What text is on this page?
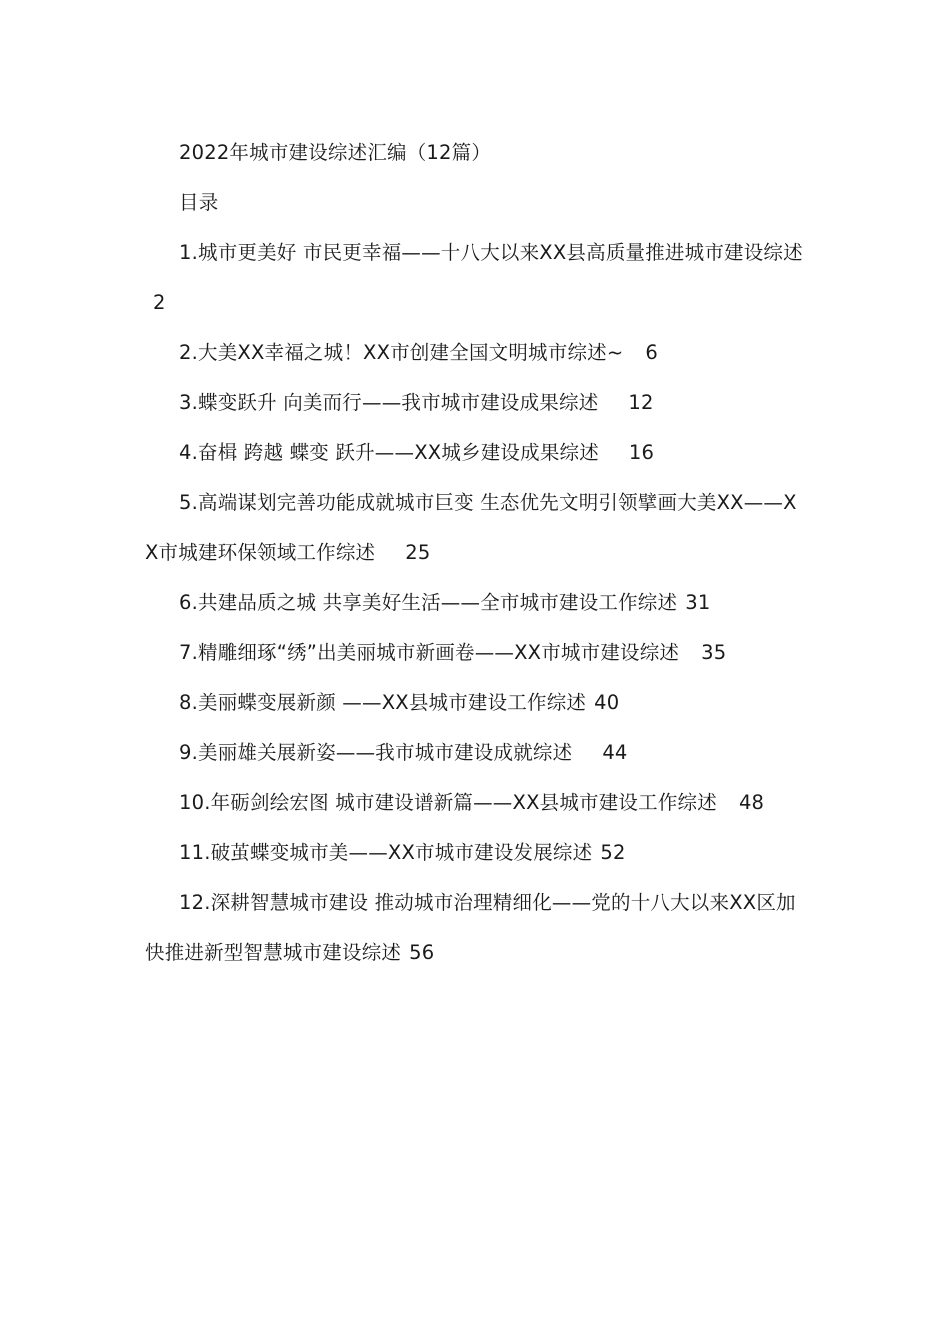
2022年城市建设综述汇编（12篇）

目录

1.城市更美好 市民更幸福——十八大以来XX县高质量推进城市建设综述2

2.大美XX幸福之城！XX市创建全国文明城市综述~ 6

3.蝶变跃升 向美而行——我市城市建设成果综述 12

4.奋楫 跨越 蝶变 跃升——XX城乡建设成果综述 16

5.高端谋划完善功能成就城市巨变 生态优先文明引领擘画大美XX——XX市城建环保领域工作综述 25

6.共建品质之城 共享美好生活——全市城市建设工作综述 31

7.精雕细琢“绣”出美丽城市新画卷——XX市城市建设综述 35

8.美丽蝶变展新颜 ——XX县城市建设工作综述 40

9.美丽雄关展新姿——我市城市建设成就综述 44

10.年砺剑绘宏图 城市建设谱新篇——XX县城市建设工作综述 48

11.破茧蝶变城市美——XX市城市建设发展综述 52

12.深耕智慧城市建设 推动城市治理精细化——党的十八大以来XX区加快推进新型智慧城市建设综述 56
